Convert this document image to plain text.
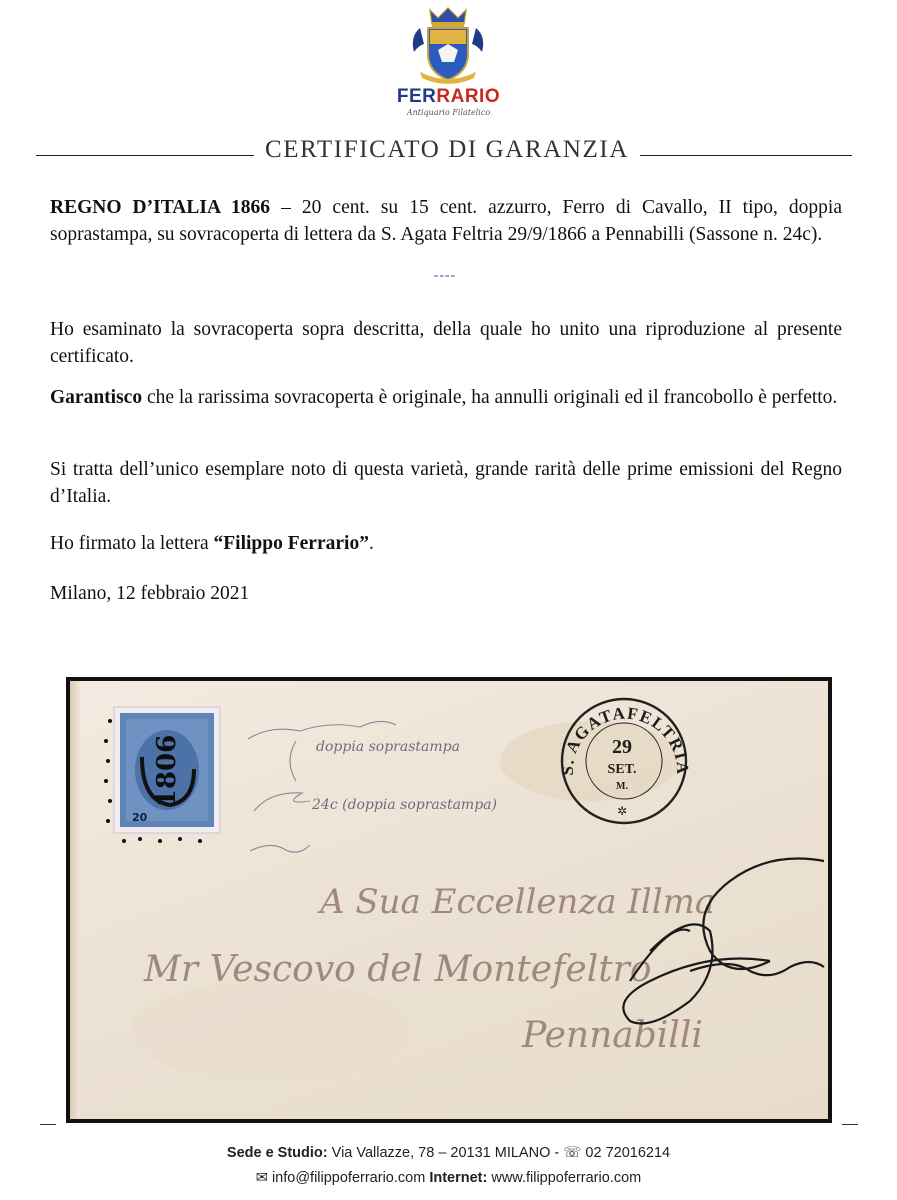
FERRARIO
Antiquario Filatelico
CERTIFICATO DI GARANZIA
REGNO D’ITALIA 1866 – 20 cent. su 15 cent. azzurro, Ferro di Cavallo, II tipo, doppia soprastampa, su sovracoperta di lettera da S. Agata Feltria 29/9/1866 a Pennabilli (Sassone n. 24c).
----
Ho esaminato la sovracoperta sopra descritta, della quale ho unito una riproduzione al presente certificato.
Garantisco che la rarissima sovracoperta è originale, ha annulli originali ed il francobollo è perfetto.
Si tratta dell’unico esemplare noto di questa varietà, grande rarità delle prime emissioni del Regno d’Italia.
Ho firmato la lettera “Filippo Ferrario”.
Milano, 12 febbraio 2021
1806
20
doppia soprastampa
24c (doppia soprastampa)
S. AGATAFELTRIA
29
SET.
M.
✲
A Sua Eccellenza Illma
Mr Vescovo del Montefeltro
Pennabilli
Sede e Studio: Via Vallazze, 78 – 20131 MILANO - ☏ 02 72016214
✉ info@filippoferrario.com Internet: www.filippoferrario.com
